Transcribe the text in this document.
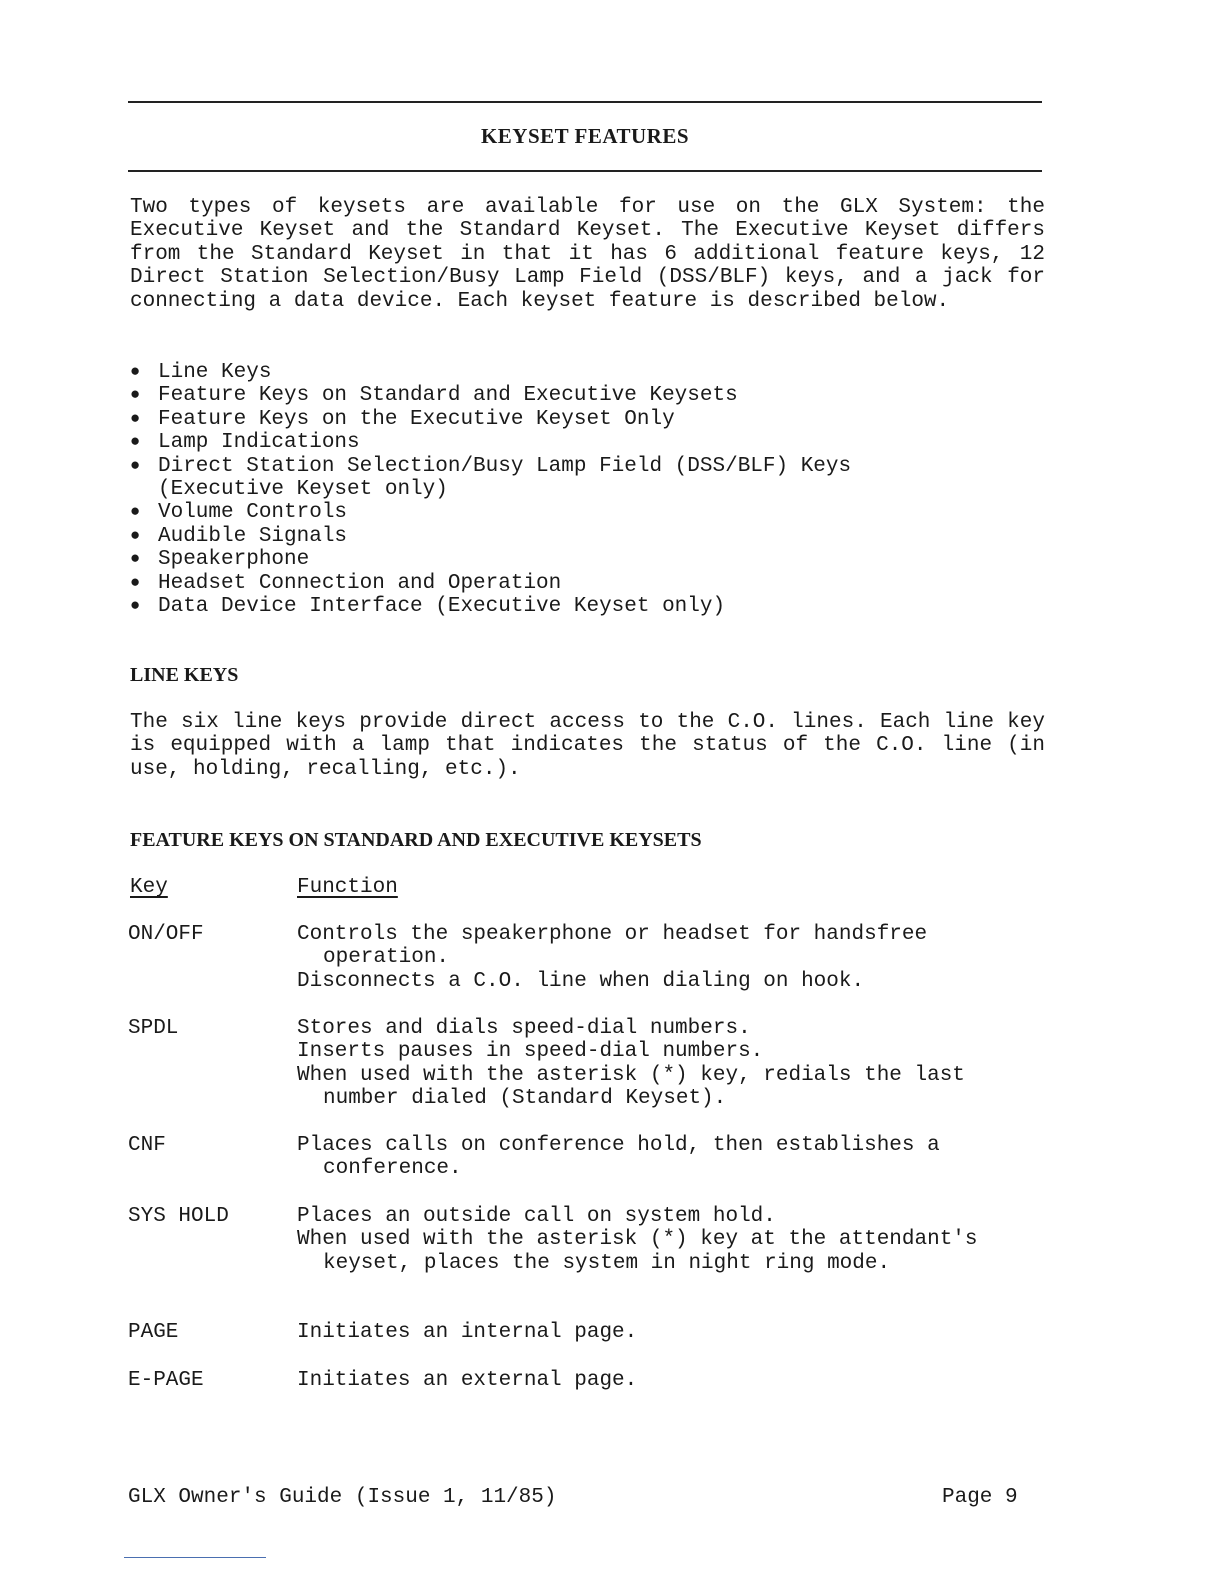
KEYSET FEATURES
Two types of keysets are available for use on the GLX System: the Executive Keyset and the Standard Keyset. The Executive Keyset differs from the Standard Keyset in that it has 6 additional feature keys, 12 Direct Station Selection/Busy Lamp Field (DSS/BLF) keys, and a jack for connecting a data device. Each keyset feature is described below.
● Line Keys
● Feature Keys on Standard and Executive Keysets
● Feature Keys on the Executive Keyset Only
● Lamp Indications
● Direct Station Selection/Busy Lamp Field (DSS/BLF) Keys (Executive Keyset only)
● Volume Controls
● Audible Signals
● Speakerphone
● Headset Connection and Operation
● Data Device Interface (Executive Keyset only)
LINE KEYS
The six line keys provide direct access to the C.O. lines. Each line key is equipped with a lamp that indicates the status of the C.O. line (in use, holding, recalling, etc.).
FEATURE KEYS ON STANDARD AND EXECUTIVE KEYSETS
Key	Function
ON/OFF	Controls the speakerphone or headset for handsfree operation.
Disconnects a C.O. line when dialing on hook.
SPDL	Stores and dials speed-dial numbers.
Inserts pauses in speed-dial numbers.
When used with the asterisk (*) key, redials the last number dialed (Standard Keyset).
CNF	Places calls on conference hold, then establishes a conference.
SYS HOLD	Places an outside call on system hold.
When used with the asterisk (*) key at the attendant's keyset, places the system in night ring mode.
PAGE	Initiates an internal page.
E-PAGE	Initiates an external page.
GLX Owner's Guide (Issue 1, 11/85)	Page 9
